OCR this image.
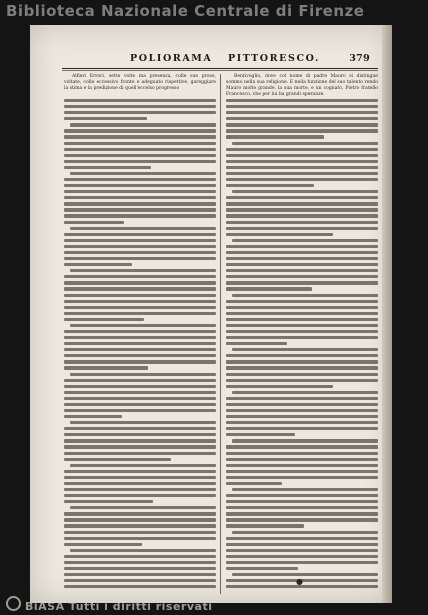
Biblioteca Nazionale Centrale di Firenze
POLIORAMA PITTORESCO.	379

Alfieri Errori, sette volte ma presenza, colle sue prose, voltate, colle eccessivo fronte e adeguato rispettive, gareggiare la stima e la predizione di quell'eccelso progresso

Bentivoglio, dove col nome di padre Mauro si distingue sommo nella sua religione. E nella funzione del suo talento rendo Mauro molto grande, la sua morte, e un cognato, Pietro fratello Francesco, che per lui ha grandi speranze.

●
BiASA Tutti i diritti riservati
